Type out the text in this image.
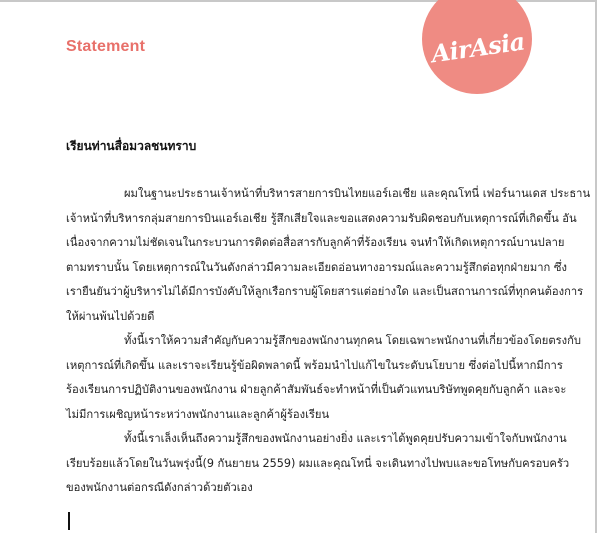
Statement	AirAsia
เรียนท่านสื่อมวลชนทราบ

ผมในฐานะประธานเจ้าหน้าที่บริหารสายการบินไทยแอร์เอเชีย และคุณโทนี่ เฟอร์นานเดส ประธาน
เจ้าหน้าที่บริหารกลุ่มสายการบินแอร์เอเชีย รู้สึกเสียใจและขอแสดงความรับผิดชอบกับเหตุการณ์ที่เกิดขึ้น อัน
เนื่องจากความไม่ชัดเจนในกระบวนการติดต่อสื่อสารกับลูกค้าที่ร้องเรียน จนทำให้เกิดเหตุการณ์บานปลาย
ตามทราบนั้น โดยเหตุการณ์ในวันดังกล่าวมีความละเอียดอ่อนทางอารมณ์และความรู้สึกต่อทุกฝ่ายมาก ซึ่ง
เรายืนยันว่าผู้บริหารไม่ได้มีการบังคับให้ลูกเรือกราบผู้โดยสารแต่อย่างใด และเป็นสถานการณ์ที่ทุกคนต้องการ
ให้ผ่านพ้นไปด้วยดี

ทั้งนี้เราให้ความสำคัญกับความรู้สึกของพนักงานทุกคน โดยเฉพาะพนักงานที่เกี่ยวข้องโดยตรงกับ
เหตุการณ์ที่เกิดขึ้น และเราจะเรียนรู้ข้อผิดพลาดนี้ พร้อมนำไปแก้ไขในระดับนโยบาย ซึ่งต่อไปนี้หากมีการ
ร้องเรียนการปฏิบัติงานของพนักงาน ฝ่ายลูกค้าสัมพันธ์จะทำหน้าที่เป็นตัวแทนบริษัทพูดคุยกับลูกค้า และจะ
ไม่มีการเผชิญหน้าระหว่างพนักงานและลูกค้าผู้ร้องเรียน

ทั้งนี้เราเล็งเห็นถึงความรู้สึกของพนักงานอย่างยิ่ง และเราได้พูดคุยปรับความเข้าใจกับพนักงาน
เรียบร้อยแล้วโดยในวันพรุ่งนี้(9 กันยายน 2559) ผมและคุณโทนี่ จะเดินทางไปพบและขอโทษกับครอบครัว
ของพนักงานต่อกรณีดังกล่าวด้วยตัวเอง
